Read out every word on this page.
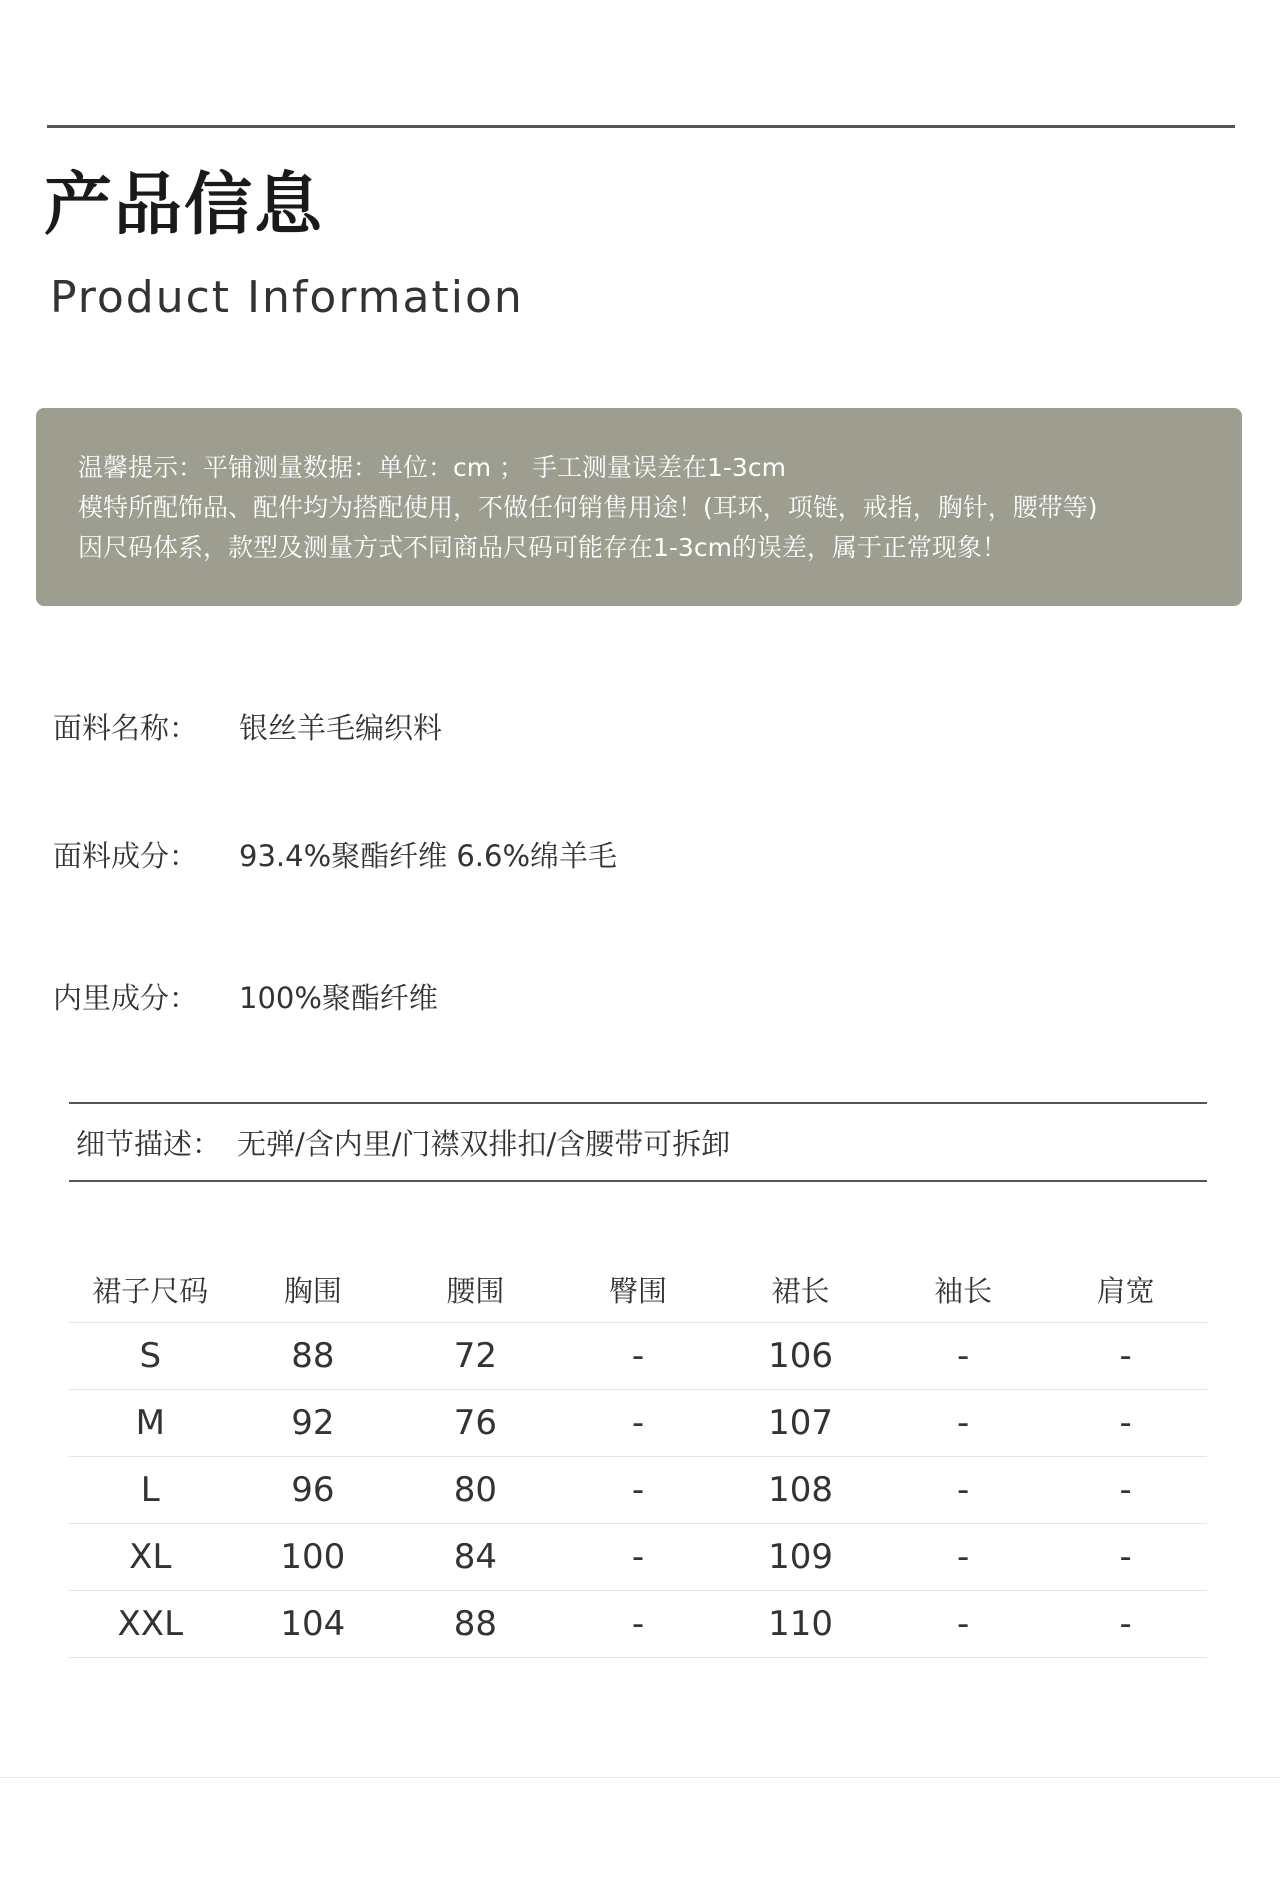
产品信息
Product Information
温馨提示：平铺测量数据：单位：cm ； 手工测量误差在1-3cm
模特所配饰品、配件均为搭配使用，不做任何销售用途！(耳环，项链，戒指，胸针，腰带等)
因尺码体系，款型及测量方式不同商品尺码可能存在1-3cm的误差，属于正常现象！
面料名称： 银丝羊毛编织料
面料成分： 93.4%聚酯纤维 6.6%绵羊毛
内里成分： 100%聚酯纤维
细节描述： 无弹/含内里/门襟双排扣/含腰带可拆卸
裙子尺码	胸围	腰围	臀围	裙长	袖长	肩宽
S	88	72	-	106	-	-
M	92	76	-	107	-	-
L	96	80	-	108	-	-
XL	100	84	-	109	-	-
XXL	104	88	-	110	-	-
